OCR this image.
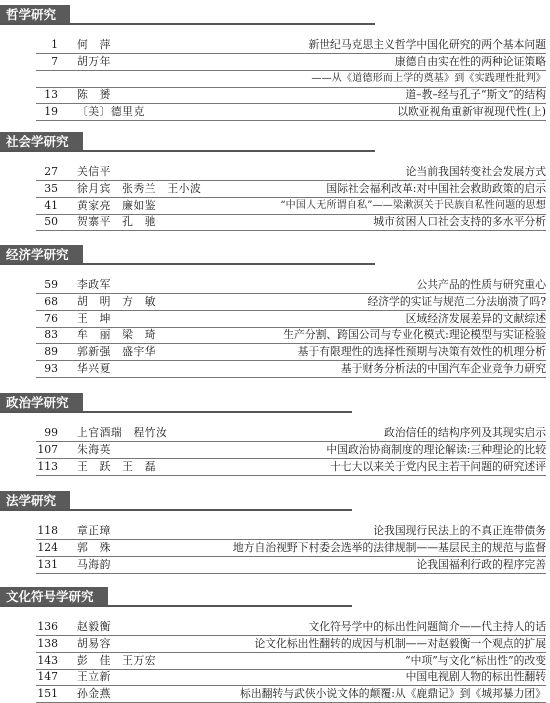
哲学研究
1 何　萍	新世纪马克思主义哲学中国化研究的两个基本问题
7 胡万年	康德自由实在性的两种论证策略
——从《道德形而上学的奠基》到《实践理性批判》
13 陈　赟	道–教–经与孔子“斯文”的结构
19 〔美〕德里克	以欧亚视角重新审视现代性(上)
社会学研究
27 关信平	论当前我国转变社会发展方式
35 徐月宾　张秀兰　王小波	国际社会福利改革:对中国社会救助政策的启示
41 黄家亮　廉如鉴	“中国人无所谓自私”——梁漱溟关于民族自私性问题的思想
50 贺寨平　孔　驰	城市贫困人口社会支持的多水平分析
经济学研究
59 李政军	公共产品的性质与研究重心
68 胡　明　方　敏	经济学的实证与规范二分法崩溃了吗?
76 王　坤	区域经济发展差异的文献综述
83 牟　丽　梁　琦	生产分割、跨国公司与专业化模式:理论模型与实证检验
89 郭新强　盛宇华	基于有限理性的选择性预期与决策有效性的机理分析
93 华兴夏	基于财务分析法的中国汽车企业竞争力研究
政治学研究
99 上官酒瑞　程竹汝	政治信任的结构序列及其现实启示
107 朱海英	中国政治协商制度的理论解读:三种理论的比较
113 王　跃　王　磊	十七大以来关于党内民主若干问题的研究述评
法学研究
118 章正璋	论我国现行民法上的不真正连带债务
124 郭　殊	地方自治视野下村委会选举的法律规制——基层民主的规范与监督
131 马海韵	论我国福利行政的程序完善
文化符号学研究
136 赵毅衡	文化符号学中的标出性问题简介——代主持人的话
138 胡易容	论文化标出性翻转的成因与机制——对赵毅衡一个观点的扩展
143 彭　佳　王万宏	“中项”与文化“标出性”的改变
147 王立新	中国电视剧人物的标出性翻转
151 孙金燕	标出翻转与武侠小说文体的颠覆:从《鹿鼎记》到《城邦暴力团》
